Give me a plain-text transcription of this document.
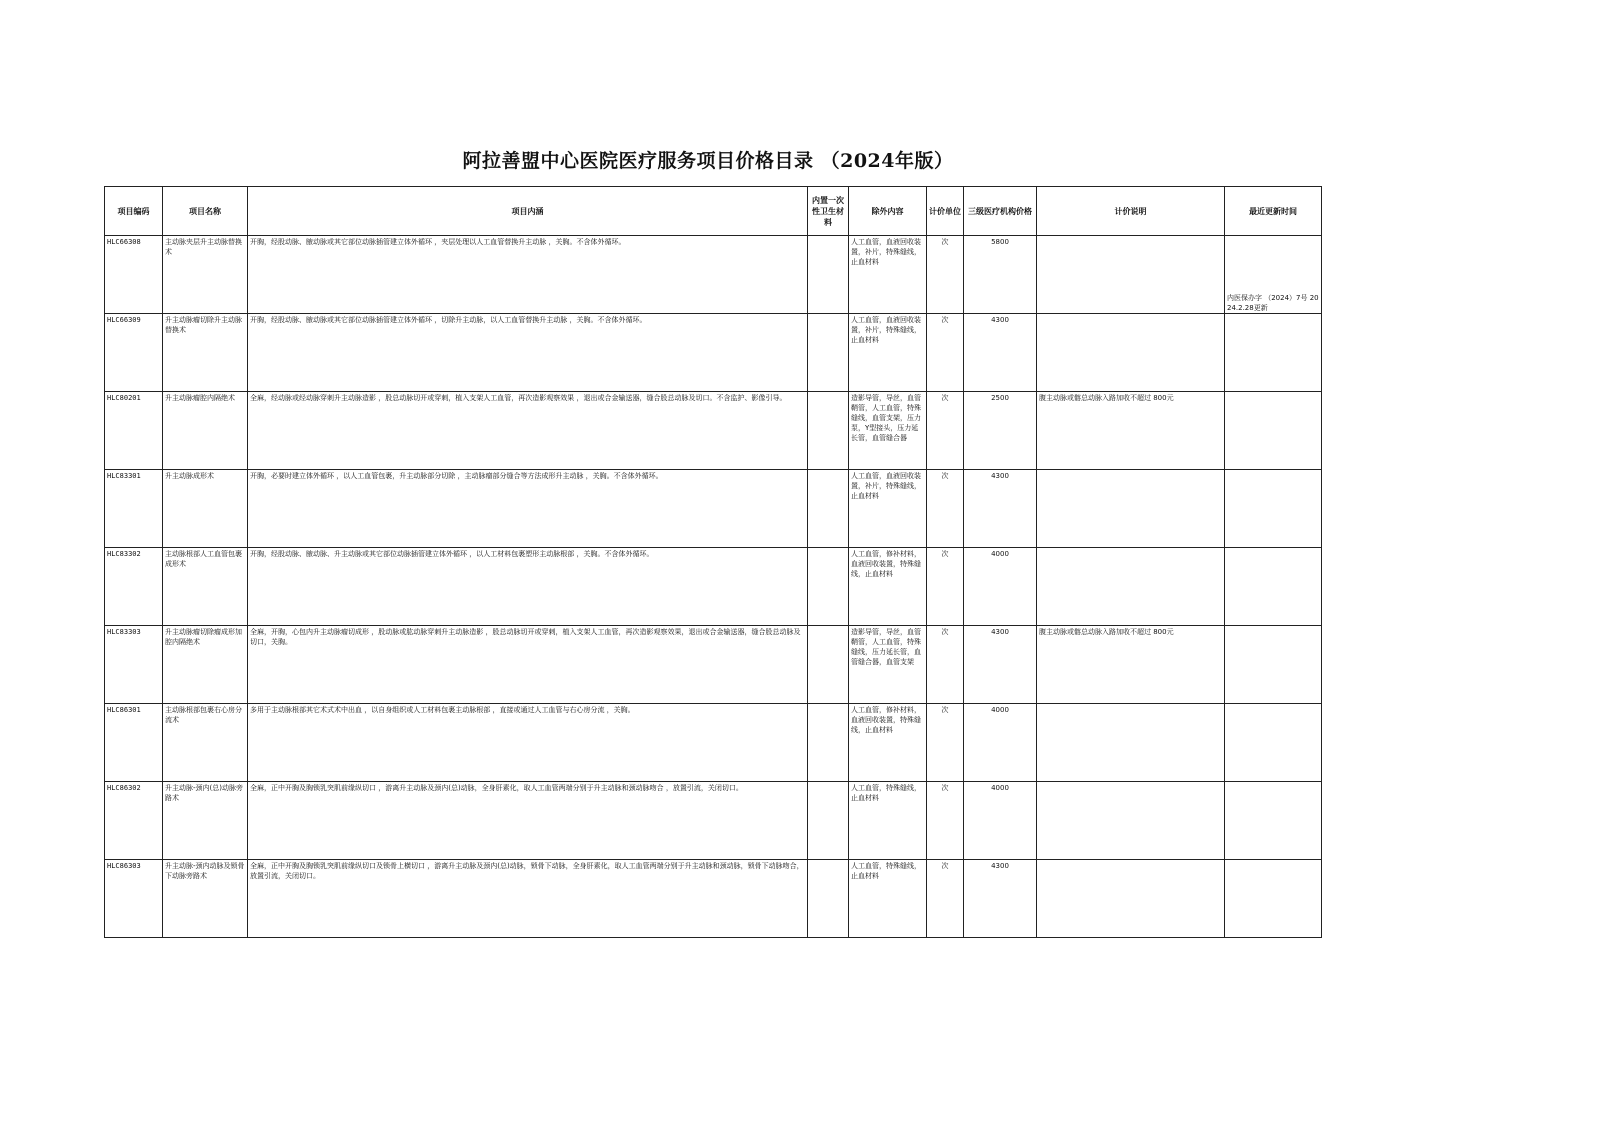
阿拉善盟中心医院医疗服务项目价格目录 （2024年版）
项目编码	项目名称	项目内涵	内置一次性卫生材料	除外内容	计价单位	三级医疗机构价格	计价说明	最近更新时间
HLC66308	主动脉夹层升主动脉替换术	开胸，经股动脉、腋动脉或其它部位动脉插管建立体外循环 ，夹层处理以人工血管替换升主动脉 ，关胸。不含体外循环。		人工血管，血液回收装置，补片，特殊缝线，止血材料	次	5800		内医保办字 （2024）7号 2024.2.28更新

HLC66309	升主动脉瘤切除升主动脉替换术	开胸，经股动脉、腋动脉或其它部位动脉插管建立体外循环 ，切除升主动脉，以人工血管替换升主动脉 ，关胸。不含体外循环。		人工血管，血液回收装置，补片，特殊缝线，止血材料	次	4300		
HLC80201	升主动脉瘤腔内隔绝术	全麻，经动脉或经动脉穿刺升主动脉造影 ，股总动脉切开或穿刺，植入支架人工血管，再次造影观察效果 ，退出或合金输送器，缝合股总动脉及切口。不含监护、影像引导。		造影导管，导丝，血管鞘管，人工血管，特殊缝线，血管支架，压力泵，Y型接头，压力延长管，血管缝合器	次	2500	腹主动脉或髂总动脉入路加收不超过 800元	
HLC83301	升主动脉成形术	开胸，必要时建立体外循环 ，以人工血管包裹，升主动脉部分切除 ，主动脉瘤部分缝合等方法成形升主动脉 ，关胸。不含体外循环。		人工血管，血液回收装置，补片，特殊缝线，止血材料	次	4300		
HLC83302	主动脉根部人工血管包裹成形术	开胸，经股动脉、腋动脉、升主动脉或其它部位动脉插管建立体外循环 ，以人工材料包裹塑形主动脉根部 ，关胸。不含体外循环。		人工血管，修补材料，血液回收装置，特殊缝线，止血材料	次	4000		
HLC83303	升主动脉瘤切除瘤成形加腔内隔绝术	全麻，开胸，心包内升主动脉瘤切成形 ，股动脉或肱动脉穿刺升主动脉造影 ，股总动脉切开或穿刺，植入支架人工血管，再次造影观察效果，退出或合金输送器，缝合股总动脉及切口，关胸。		造影导管，导丝，血管鞘管，人工血管，特殊缝线，压力延长管，血管缝合器，血管支架	次	4300	腹主动脉或髂总动脉入路加收不超过 800元	
HLC86301	主动脉根部包裹右心房分流术	多用于主动脉根部其它术式术中出血 ，以自身组织或人工材料包裹主动脉根部 ，直接或通过人工血管与右心房分流 ，关胸。		人工血管，修补材料，血液回收装置，特殊缝线，止血材料	次	4000		
HLC86302	升主动脉-颈内(总)动脉旁路术	全麻，正中开胸及胸锁乳突肌前缘纵切口 ，游离升主动脉及颈内(总)动脉，全身肝素化，取人工血管两端分别于升主动脉和颈动脉吻合 ，放置引流，关闭切口。		人工血管，特殊缝线，止血材料	次	4000		
HLC86303	升主动脉-颈内动脉及锁骨下动脉旁路术	全麻，正中开胸及胸锁乳突肌前缘纵切口及锁骨上横切口 ，游离升主动脉及颈内(总)动脉，锁骨下动脉，全身肝素化，取人工血管两端分别于升主动脉和颈动脉，锁骨下动脉吻合，放置引流，关闭切口。		人工血管，特殊缝线，止血材料	次	4300		
